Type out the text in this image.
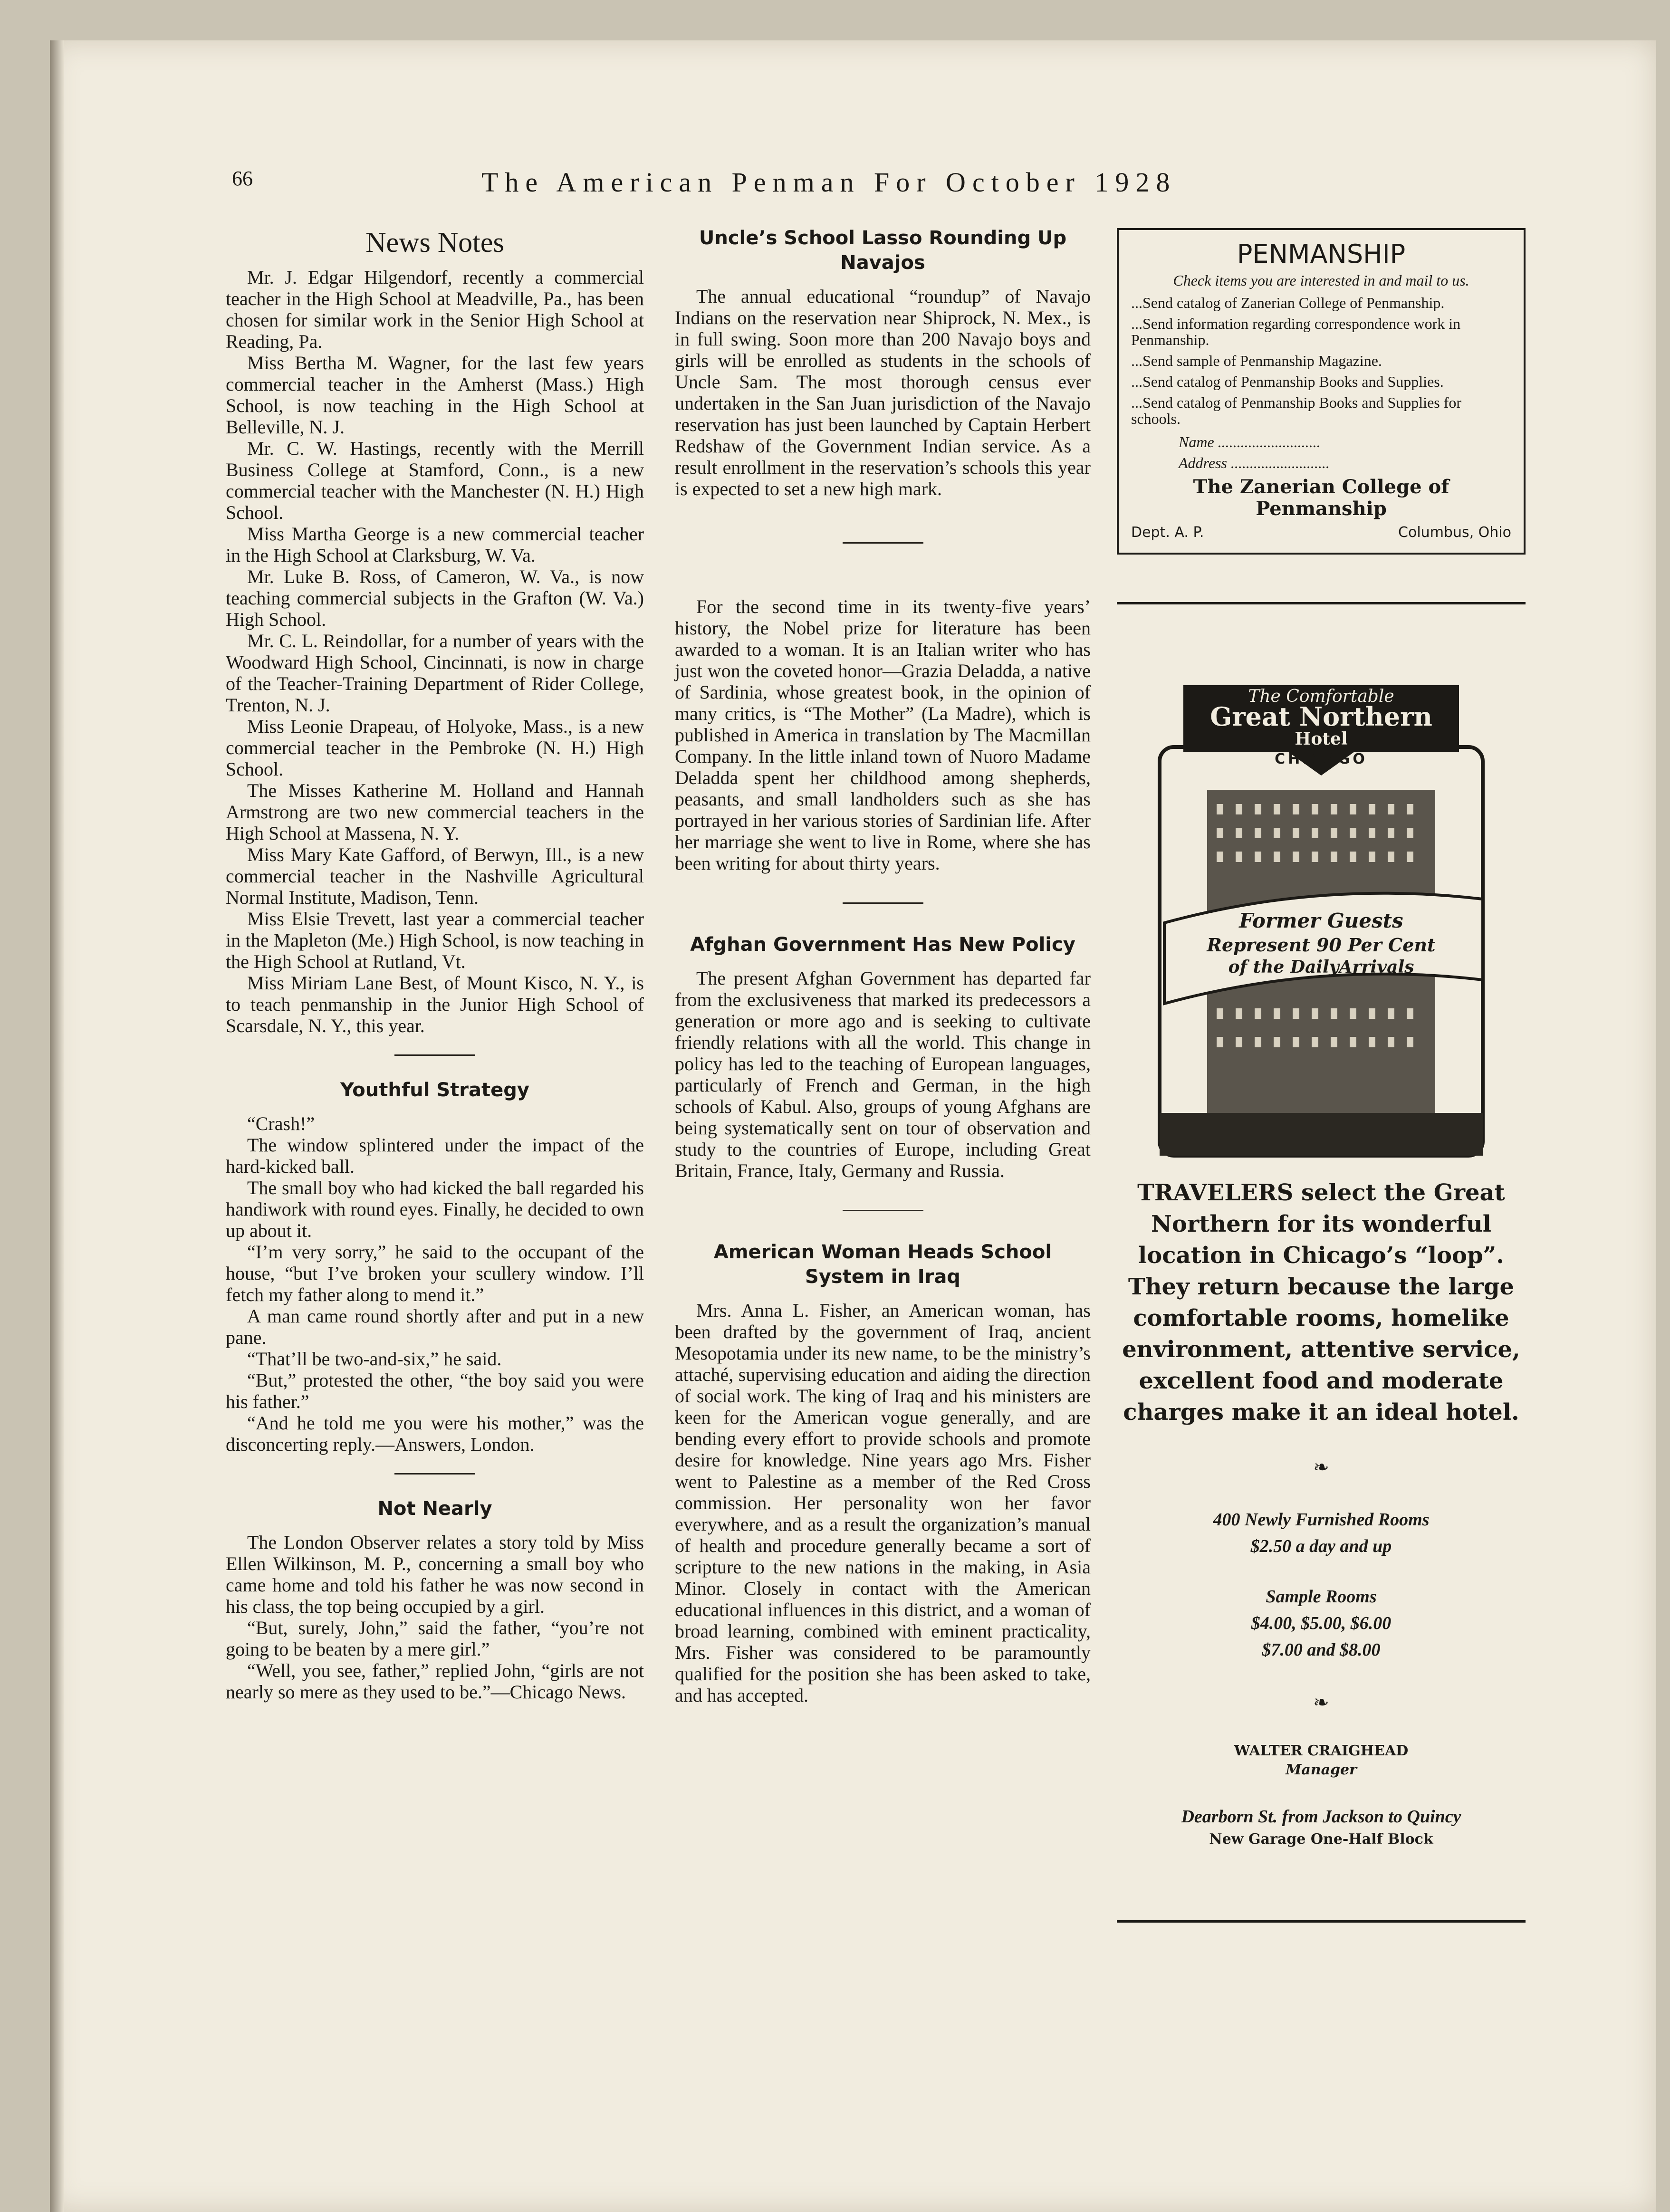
66	The American Penman For October 1928
News Notes

Mr. J. Edgar Hilgendorf, recently a commercial teacher in the High School at Meadville, Pa., has been chosen for similar work in the Senior High School at Reading, Pa.

Miss Bertha M. Wagner, for the last few years commercial teacher in the Amherst (Mass.) High School, is now teaching in the High School at Belleville, N. J.

Mr. C. W. Hastings, recently with the Merrill Business College at Stamford, Conn., is a new commercial teacher with the Manchester (N. H.) High School.

Miss Martha George is a new commercial teacher in the High School at Clarksburg, W. Va.

Mr. Luke B. Ross, of Cameron, W. Va., is now teaching commercial subjects in the Grafton (W. Va.) High School.

Mr. C. L. Reindollar, for a number of years with the Woodward High School, Cincinnati, is now in charge of the Teacher-Training Department of Rider College, Trenton, N. J.

Miss Leonie Drapeau, of Holyoke, Mass., is a new commercial teacher in the Pembroke (N. H.) High School.

The Misses Katherine M. Holland and Hannah Armstrong are two new commercial teachers in the High School at Massena, N. Y.

Miss Mary Kate Gafford, of Berwyn, Ill., is a new commercial teacher in the Nashville Agricultural Normal Institute, Madison, Tenn.

Miss Elsie Trevett, last year a commercial teacher in the Mapleton (Me.) High School, is now teaching in the High School at Rutland, Vt.

Miss Miriam Lane Best, of Mount Kisco, N. Y., is to teach penmanship in the Junior High School of Scarsdale, N. Y., this year.

Youthful Strategy

“Crash!”

The window splintered under the impact of the hard-kicked ball.

The small boy who had kicked the ball regarded his handiwork with round eyes. Finally, he decided to own up about it.

“I’m very sorry,” he said to the occupant of the house, “but I’ve broken your scullery window. I’ll fetch my father along to mend it.”

A man came round shortly after and put in a new pane.

“That’ll be two-and-six,” he said.

“But,” protested the other, “the boy said you were his father.”

“And he told me you were his mother,” was the disconcerting reply.—Answers, London.

Not Nearly

The London Observer relates a story told by Miss Ellen Wilkinson, M. P., concerning a small boy who came home and told his father he was now second in his class, the top being occupied by a girl.

“But, surely, John,” said the father, “you’re not going to be beaten by a mere girl.”

“Well, you see, father,” replied John, “girls are not nearly so mere as they used to be.”—Chicago News.

Uncle’s School Lasso Rounding Up Navajos

The annual educational “roundup” of Navajo Indians on the reservation near Shiprock, N. Mex., is in full swing. Soon more than 200 Navajo boys and girls will be enrolled as students in the schools of Uncle Sam. The most thorough census ever undertaken in the San Juan jurisdiction of the Navajo reservation has just been launched by Captain Herbert Redshaw of the Government Indian service. As a result enrollment in the reservation’s schools this year is expected to set a new high mark.

For the second time in its twenty-five years’ history, the Nobel prize for literature has been awarded to a woman. It is an Italian writer who has just won the coveted honor—Grazia Deladda, a native of Sardinia, whose greatest book, in the opinion of many critics, is “The Mother” (La Madre), which is published in America in translation by The Macmillan Company. In the little inland town of Nuoro Madame Deladda spent her childhood among shepherds, peasants, and small landholders such as she has portrayed in her various stories of Sardinian life. After her marriage she went to live in Rome, where she has been writing for about thirty years.

Afghan Government Has New Policy

The present Afghan Government has departed far from the exclusiveness that marked its predecessors a generation or more ago and is seeking to cultivate friendly relations with all the world. This change in policy has led to the teaching of European languages, particularly of French and German, in the high schools of Kabul. Also, groups of young Afghans are being systematically sent on tour of observation and study to the countries of Europe, including Great Britain, France, Italy, Germany and Russia.

American Woman Heads School System in Iraq

Mrs. Anna L. Fisher, an American woman, has been drafted by the government of Iraq, ancient Mesopotamia under its new name, to be the ministry’s attaché, supervising education and aiding the direction of social work. The king of Iraq and his ministers are keen for the American vogue generally, and are bending every effort to provide schools and promote desire for knowledge. Nine years ago Mrs. Fisher went to Palestine as a member of the Red Cross commission. Her personality won her favor everywhere, and as a result the organization’s manual of health and procedure generally became a sort of scripture to the new nations in the making, in Asia Minor. Closely in contact with the American educational influences in this district, and a woman of broad learning, combined with eminent practicality, Mrs. Fisher was considered to be paramountly qualified for the position she has been asked to take, and has accepted.

PENMANSHIP
Check items you are interested in and mail to us.
...Send catalog of Zanerian College of Penmanship.
...Send information regarding correspondence work in Penmanship.
...Send sample of Penmanship Magazine.
...Send catalog of Penmanship Books and Supplies.
...Send catalog of Penmanship Books and Supplies for schools.
Name ...........................
Address ..........................
The Zanerian College of Penmanship
Dept. A. P.	Columbus, Ohio
The Comfortable
Great Northern
Hotel
CHICAGO
Former Guests
Represent 90 Per Cent
of the DailyArrivals
TRAVELERS select the Great Northern for its wonderful location in Chicago’s “loop”. They return because the large comfortable rooms, homelike environment, attentive service, excellent food and moderate charges make it an ideal hotel.
❧
400 Newly Furnished Rooms
$2.50 a day and up
Sample Rooms
$4.00, $5.00, $6.00
$7.00 and $8.00
❧
WALTER CRAIGHEAD
Manager
Dearborn St. from Jackson to Quincy
New Garage One-Half Block
